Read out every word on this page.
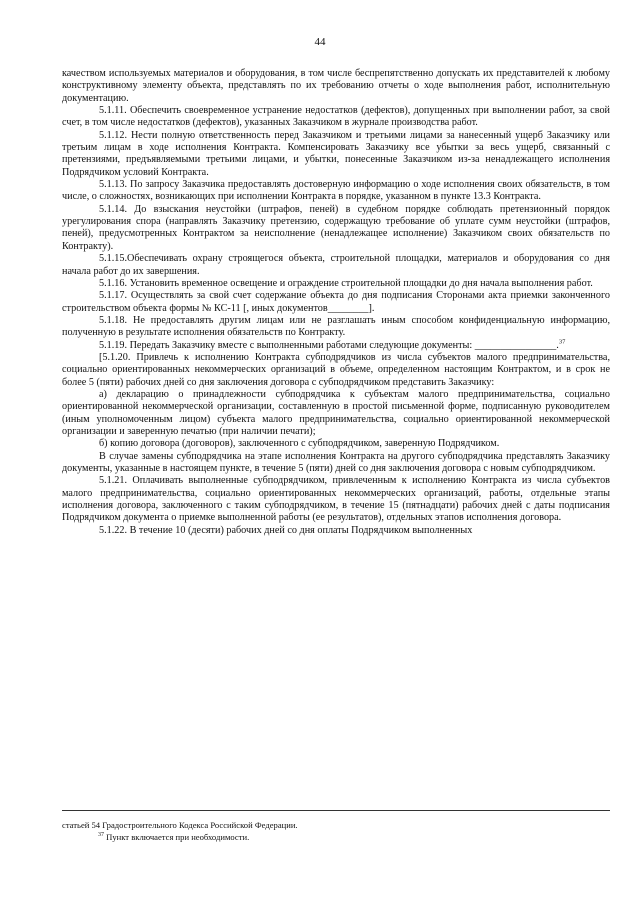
44

качеством используемых материалов и оборудования, в том числе беспрепятственно допускать их представителей к любому конструктивному элементу объекта, представлять по их требованию отчеты о ходе выполнения работ, исполнительную документацию.

5.1.11. Обеспечить своевременное устранение недостатков (дефектов), допущенных при выполнении работ, за свой счет, в том числе недостатков (дефектов), указанных Заказчиком в журнале производства работ.

5.1.12. Нести полную ответственность перед Заказчиком и третьими лицами за нанесенный ущерб Заказчику или третьим лицам в ходе исполнения Контракта. Компенсировать Заказчику все убытки за весь ущерб, связанный с претензиями, предъявляемыми третьими лицами, и убытки, понесенные Заказчиком из-за ненадлежащего исполнения Подрядчиком условий Контракта.

5.1.13. По запросу Заказчика предоставлять достоверную информацию о ходе исполнения своих обязательств, в том числе, о сложностях, возникающих при исполнении Контракта в порядке, указанном в пункте 13.3 Контракта.

5.1.14. До взыскания неустойки (штрафов, пеней) в судебном порядке соблюдать претензионный порядок урегулирования спора (направлять Заказчику претензию, содержащую требование об уплате сумм неустойки (штрафов, пеней), предусмотренных Контрактом за неисполнение (ненадлежащее исполнение) Заказчиком своих обязательств по Контракту).

5.1.15.Обеспечивать охрану строящегося объекта, строительной площадки, материалов и оборудования со дня начала работ до их завершения.

5.1.16. Установить временное освещение и ограждение строительной площадки до дня начала выполнения работ.

5.1.17. Осуществлять за свой счет содержание объекта до дня подписания Сторонами акта приемки законченного строительством объекта формы № КС-11 [, иных документов________].

5.1.18. Не предоставлять другим лицам или не разглашать иным способом конфиденциальную информацию, полученную в результате исполнения обязательств по Контракту.

5.1.19. Передать Заказчику вместе с выполненными работами следующие документы: ________________.$^{37}$

[5.1.20. Привлечь к исполнению Контракта субподрядчиков из числа субъектов малого предпринимательства, социально ориентированных некоммерческих организаций в объеме, определенном настоящим Контрактом, и в срок не более 5 (пяти) рабочих дней со дня заключения договора с субподрядчиком представить Заказчику:

а) декларацию о принадлежности субподрядчика к субъектам малого предпринимательства, социально ориентированной некоммерческой организации, составленную в простой письменной форме, подписанную руководителем (иным уполномоченным лицом) субъекта малого предпринимательства, социально ориентированной некоммерческой организации и заверенную печатью (при наличии печати);

б) копию договора (договоров), заключенного с субподрядчиком, заверенную Подрядчиком.

В случае замены субподрядчика на этапе исполнения Контракта на другого субподрядчика представлять Заказчику документы, указанные в настоящем пункте, в течение 5 (пяти) дней со дня заключения договора с новым субподрядчиком.

5.1.21. Оплачивать выполненные субподрядчиком, привлеченным к исполнению Контракта из числа субъектов малого предпринимательства, социально ориентированных некоммерческих организаций, работы, отдельные этапы исполнения договора, заключенного с таким субподрядчиком, в течение 15 (пятнадцати) рабочих дней с даты подписания Подрядчиком документа о приемке выполненной работы (ее результатов), отдельных этапов исполнения договора.

5.1.22. В течение 10 (десяти) рабочих дней со дня оплаты Подрядчиком выполненных

статьей 54 Градостроительного Кодекса Российской Федерации.

$^{37}$ Пункт включается при необходимости.
